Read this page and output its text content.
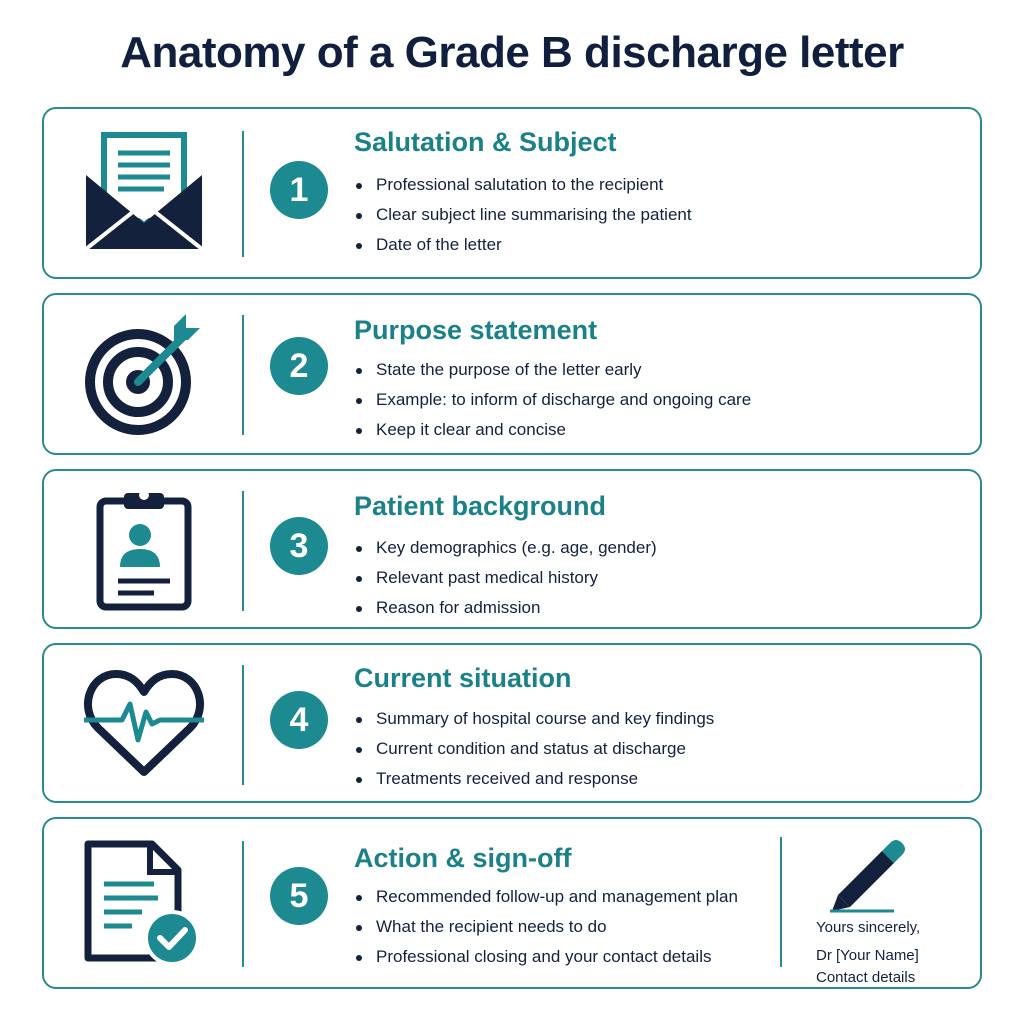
Anatomy of a Grade B discharge letter
1
Salutation & Subject
Professional salutation to the recipient
Clear subject line summarising the patient
Date of the letter
2
Purpose statement
State the purpose of the letter early
Example: to inform of discharge and ongoing care
Keep it clear and concise
3
Patient background
Key demographics (e.g. age, gender)
Relevant past medical history
Reason for admission
4
Current situation
Summary of hospital course and key findings
Current condition and status at discharge
Treatments received and response
5
Action & sign-off
Recommended follow-up and management plan
What the recipient needs to do
Professional closing and your contact details
Yours sincerely,
Dr [Your Name]
Contact details
